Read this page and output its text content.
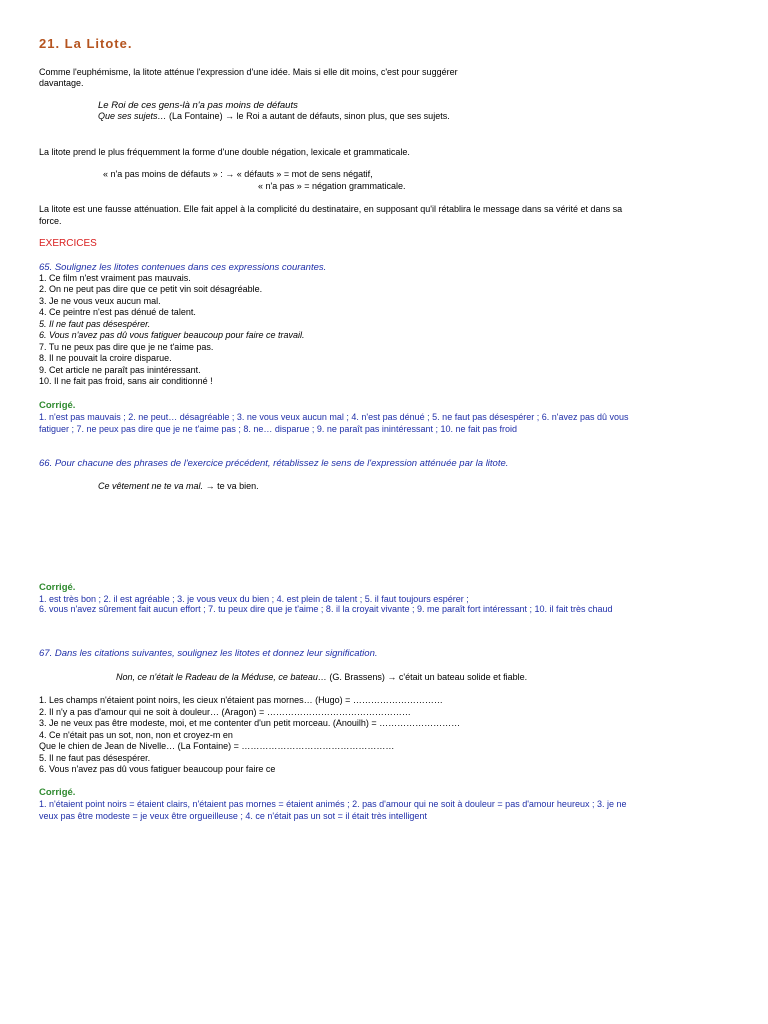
21. La Litote.
Comme l'euphémisme, la litote atténue l'expression d'une idée. Mais si elle dit moins, c'est pour suggérer
davantage.
Le Roi de ces gens-là n'a pas moins de défauts
Que ses sujets… (La Fontaine) → le Roi a autant de défauts, sinon plus, que ses sujets.
La litote prend le plus fréquemment la forme d'une double négation, lexicale et grammaticale.
« n'a pas moins de défauts » : → « défauts » = mot de sens négatif,
« n'a pas » = négation grammaticale.
La litote est une fausse atténuation. Elle fait appel à la complicité du destinataire, en supposant qu'il rétablira le message dans sa vérité et dans sa
force.
EXERCICES
65. Soulignez les litotes contenues dans ces expressions courantes.
1. Ce film n'est vraiment pas mauvais.
2. On ne peut pas dire que ce petit vin soit désagréable.
3. Je ne vous veux aucun mal.
4. Ce peintre n'est pas dénué de talent.
5. Il ne faut pas désespérer.
6. Vous n'avez pas dû vous fatiguer beaucoup pour faire ce travail.
7. Tu ne peux pas dire que je ne t'aime pas.
8. Il ne pouvait la croire disparue.
9. Cet article ne paraît pas inintéressant.
10. Il ne fait pas froid, sans air conditionné !
Corrigé.
1. n'est pas mauvais ; 2. ne peut… désagréable ; 3. ne vous veux aucun mal ; 4. n'est pas dénué ; 5. ne faut pas désespérer ; 6. n'avez pas dû vous
fatiguer ; 7. ne peux pas dire que je ne t'aime pas ; 8. ne… disparue ; 9. ne paraît pas inintéressant ; 10. ne fait pas froid
66. Pour chacune des phrases de l'exercice précédent, rétablissez le sens de l'expression atténuée par la litote.
Ce vêtement ne te va mal. → te va bien.
Corrigé.
1. est très bon ; 2. il est agréable ; 3. je vous veux du bien ; 4. est plein de talent ; 5. il faut toujours espérer ;
6. vous n'avez sûrement fait aucun effort ; 7. tu peux dire que je t'aime ; 8. il la croyait vivante ; 9. me paraît fort intéressant ; 10. il fait très chaud
67. Dans les citations suivantes, soulignez les litotes et donnez leur signification.
Non, ce n'était le Radeau de la Méduse, ce bateau… (G. Brassens) → c'était un bateau solide et fiable.
1. Les champs n'étaient point noirs, les cieux n'étaient pas mornes… (Hugo) = …………………………
2. Il n'y a pas d'amour qui ne soit à douleur… (Aragon) = …………………………………………
3. Je ne veux pas être modeste, moi, et me contenter d'un petit morceau. (Anouilh) = ………………………
4. Ce n'était pas un sot, non, non et croyez-m en
Que le chien de Jean de Nivelle… (La Fontaine) = ……………………………………………
5. Il ne faut pas désespérer.
6. Vous n'avez pas dû vous fatiguer beaucoup pour faire ce
Corrigé.
1. n'étaient point noirs = étaient clairs, n'étaient pas mornes = étaient animés ; 2. pas d'amour qui ne soit à douleur = pas d'amour heureux ; 3. je ne
veux pas être modeste = je veux être orgueilleuse ; 4. ce n'était pas un sot = il était très intelligent
